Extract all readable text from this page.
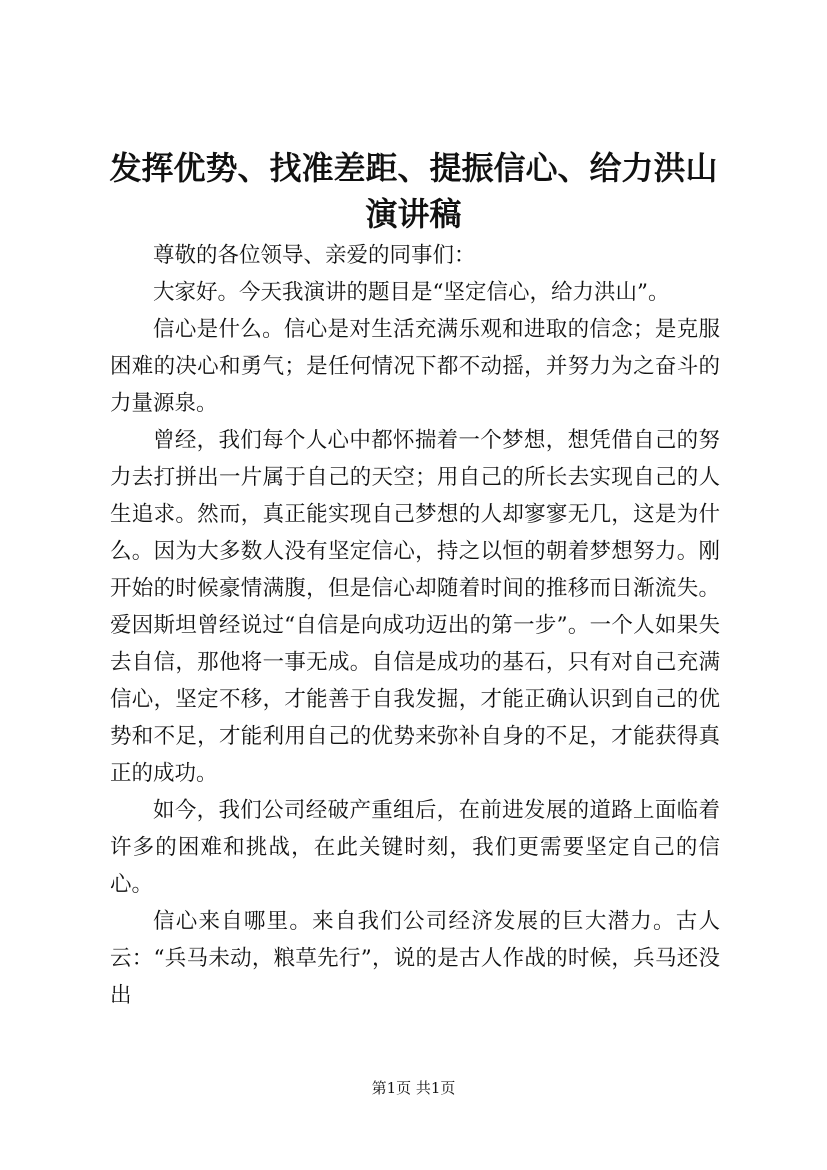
发挥优势、找准差距、提振信心、给力洪山演讲稿

尊敬的各位领导、亲爱的同事们：

大家好。今天我演讲的题目是“坚定信心，给力洪山”。

信心是什么。信心是对生活充满乐观和进取的信念；是克服困难的决心和勇气；是任何情况下都不动摇，并努力为之奋斗的力量源泉。

曾经，我们每个人心中都怀揣着一个梦想，想凭借自己的努力去打拼出一片属于自己的天空；用自己的所长去实现自己的人生追求。然而，真正能实现自己梦想的人却寥寥无几，这是为什么。因为大多数人没有坚定信心，持之以恒的朝着梦想努力。刚开始的时候豪情满腹，但是信心却随着时间的推移而日渐流失。爱因斯坦曾经说过“自信是向成功迈出的第一步”。一个人如果失去自信，那他将一事无成。自信是成功的基石，只有对自己充满信心，坚定不移，才能善于自我发掘，才能正确认识到自己的优势和不足，才能利用自己的优势来弥补自身的不足，才能获得真正的成功。

如今，我们公司经破产重组后，在前进发展的道路上面临着许多的困难和挑战，在此关键时刻，我们更需要坚定自己的信心。

信心来自哪里。来自我们公司经济发展的巨大潜力。古人云：“兵马未动，粮草先行”，说的是古人作战的时候，兵马还没出

第1页 共1页
